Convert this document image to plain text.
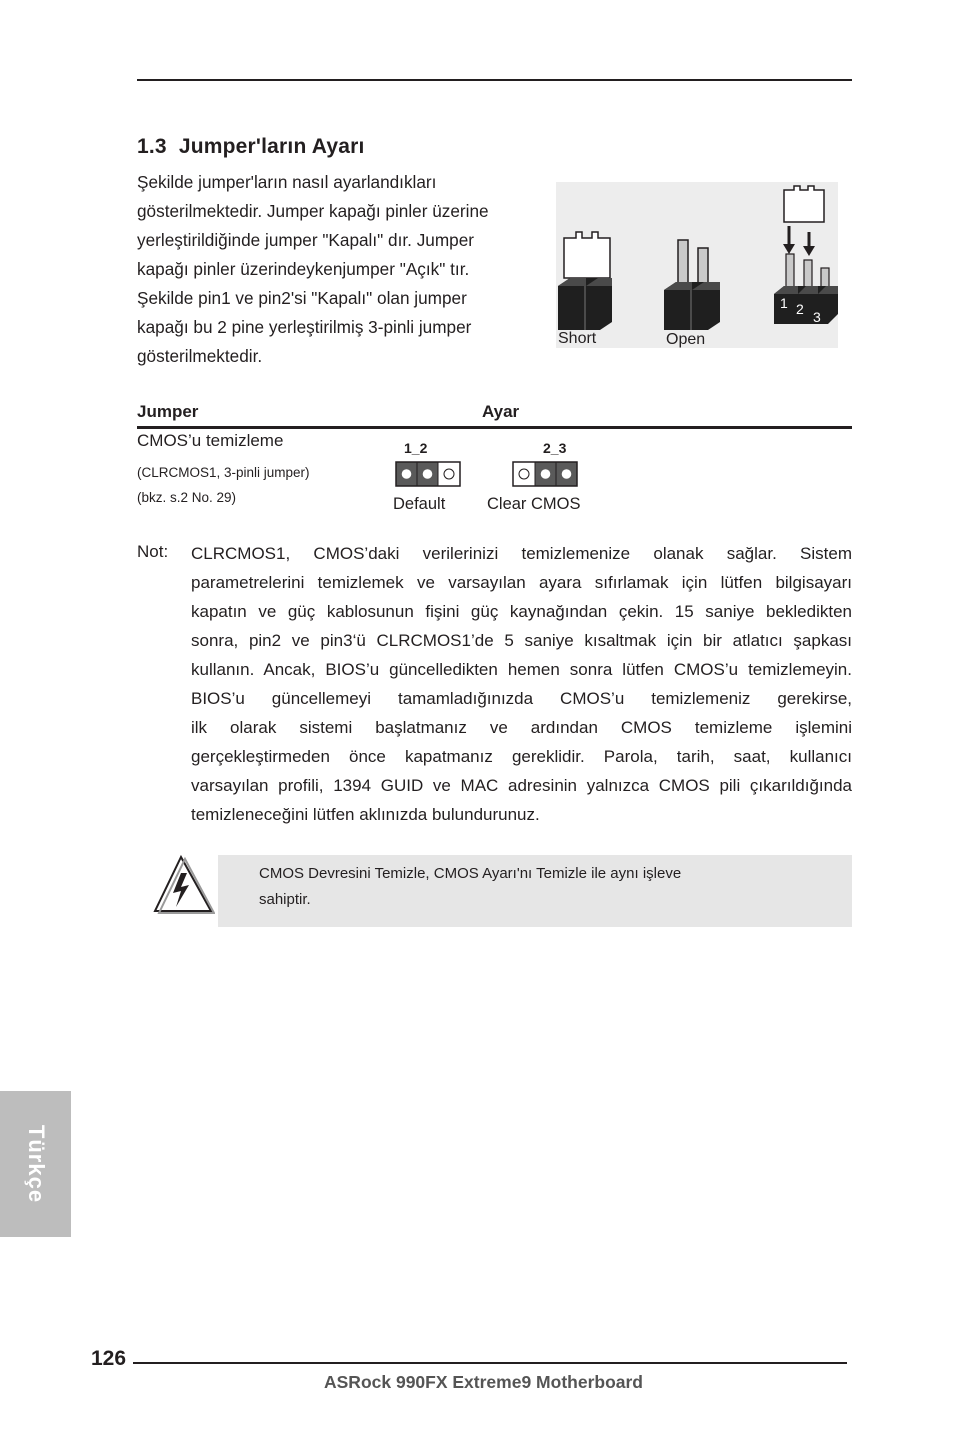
1.3 Jumper'ların Ayarı

Şekilde jumper'ların nasıl ayarlandıkları

gösterilmektedir. Jumper kapağı pinler üzerine

yerleştirildiğinde jumper "Kapalı" dır. Jumper

kapağı pinler üzerindeykenjumper "Açık" tır.

Şekilde pin1 ve pin2'si "Kapalı" olan jumper

kapağı bu 2 pine yerleştirilmiş 3-pinli jumper

gösterilmektedir.

1 2 3
Short	Open
Jumper	Ayar
CMOS’u temizleme
(CLRCMOS1, 3-pinli jumper)
(bkz. s.2 No. 29)
1_2
Default
2_3
Clear CMOS
Not: CLRCMOS1, CMOS’daki verilerinizi temizlemenize olanak sağlar. Sistem

parametrelerini temizlemek ve varsayılan ayara sıfırlamak için lütfen bilgisayarı

kapatın ve güç kablosunun fişini güç kaynağından çekin. 15 saniye bekledikten

sonra, pin2 ve pin3‘ü CLRCMOS1’de 5 saniye kısaltmak için bir atlatıcı şapkası

kullanın. Ancak, BIOS’u güncelledikten hemen sonra lütfen CMOS’u temizlemeyin.

BIOS’u güncellemeyi tamamladığınızda CMOS’u temizlemeniz gerekirse,

ilk olarak sistemi başlatmanız ve ardından CMOS temizleme işlemini

gerçekleştirmeden önce kapatmanız gereklidir. Parola, tarih, saat, kullanıcı

varsayılan profili, 1394 GUID ve MAC adresinin yalnızca CMOS pili çıkarıldığında

temizleneceğini lütfen aklınızda bulundurunuz.

CMOS Devresini Temizle, CMOS Ayarı'nı Temizle ile aynı işleve

sahiptir.

Türkçe
126
ASRock 990FX Extreme9 Motherboard
